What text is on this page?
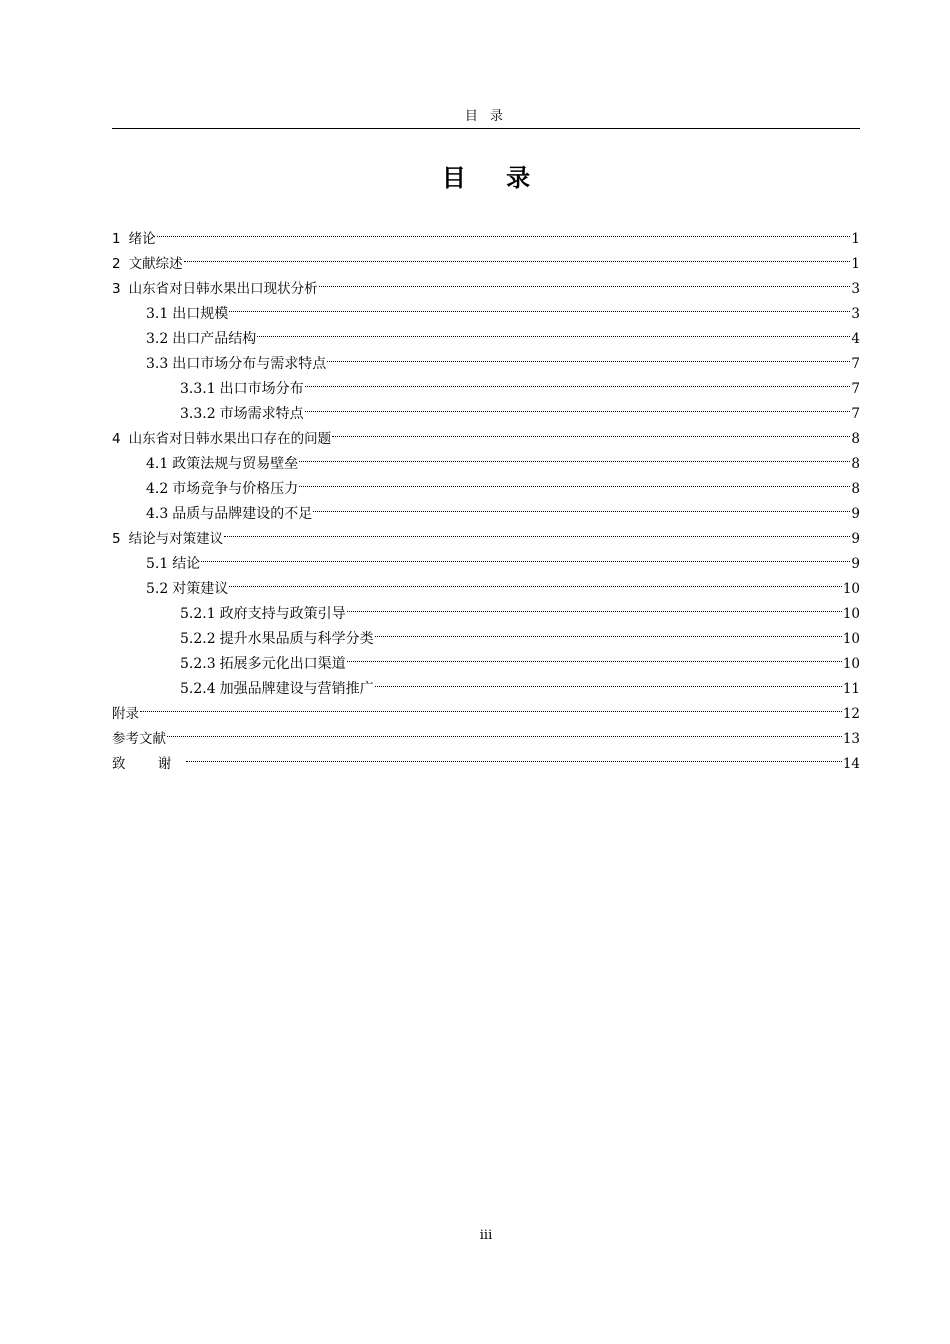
目 录
目 录
1 绪论	1
2 文献综述	1
3 山东省对日韩水果出口现状分析	3
3.1 出口规模	3
3.2 出口产品结构	4
3.3 出口市场分布与需求特点	7
3.3.1 出口市场分布	7
3.3.2 市场需求特点	7
4 山东省对日韩水果出口存在的问题	8
4.1 政策法规与贸易壁垒	8
4.2 市场竞争与价格压力	8
4.3 品质与品牌建设的不足	9
5 结论与对策建议	9
5.1 结论	9
5.2 对策建议	10
5.2.1 政府支持与政策引导	10
5.2.2 提升水果品质与科学分类	10
5.2.3 拓展多元化出口渠道	10
5.2.4 加强品牌建设与营销推广	11
附录	12
参考文献	13
致 谢	14
iii
